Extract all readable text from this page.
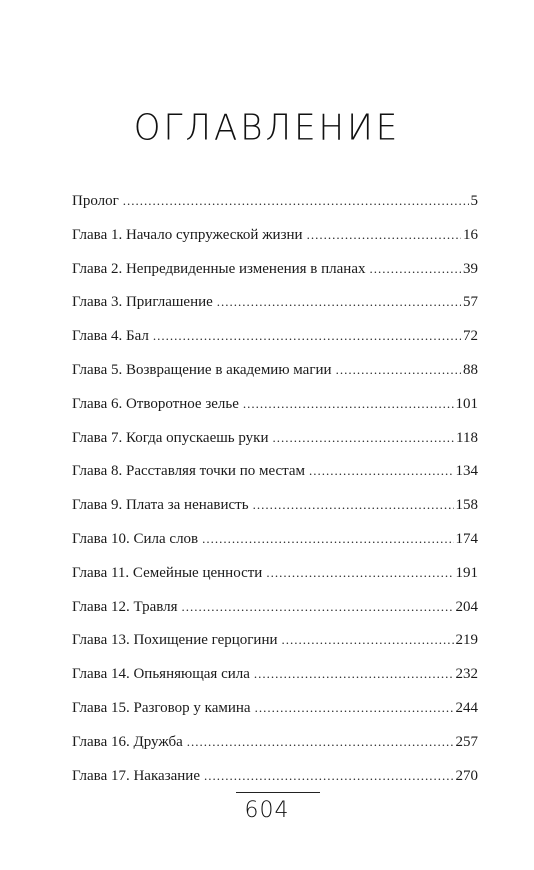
ОГЛАВЛЕНИЕ
Пролог .....	5
Глава 1. Начало супружеской жизни .....	16
Глава 2. Непредвиденные изменения в планах .....	39
Глава 3. Приглашение .....	57
Глава 4. Бал .....	72
Глава 5. Возвращение в академию магии .....	88
Глава 6. Отворотное зелье .....	101
Глава 7. Когда опускаешь руки .....	118
Глава 8. Расставляя точки по местам .....	134
Глава 9. Плата за ненависть .....	158
Глава 10. Сила слов .....	174
Глава 11. Семейные ценности .....	191
Глава 12. Травля .....	204
Глава 13. Похищение герцогини .....	219
Глава 14. Опьяняющая сила .....	232
Глава 15. Разговор у камина .....	244
Глава 16. Дружба .....	257
Глава 17. Наказание .....	270
604
